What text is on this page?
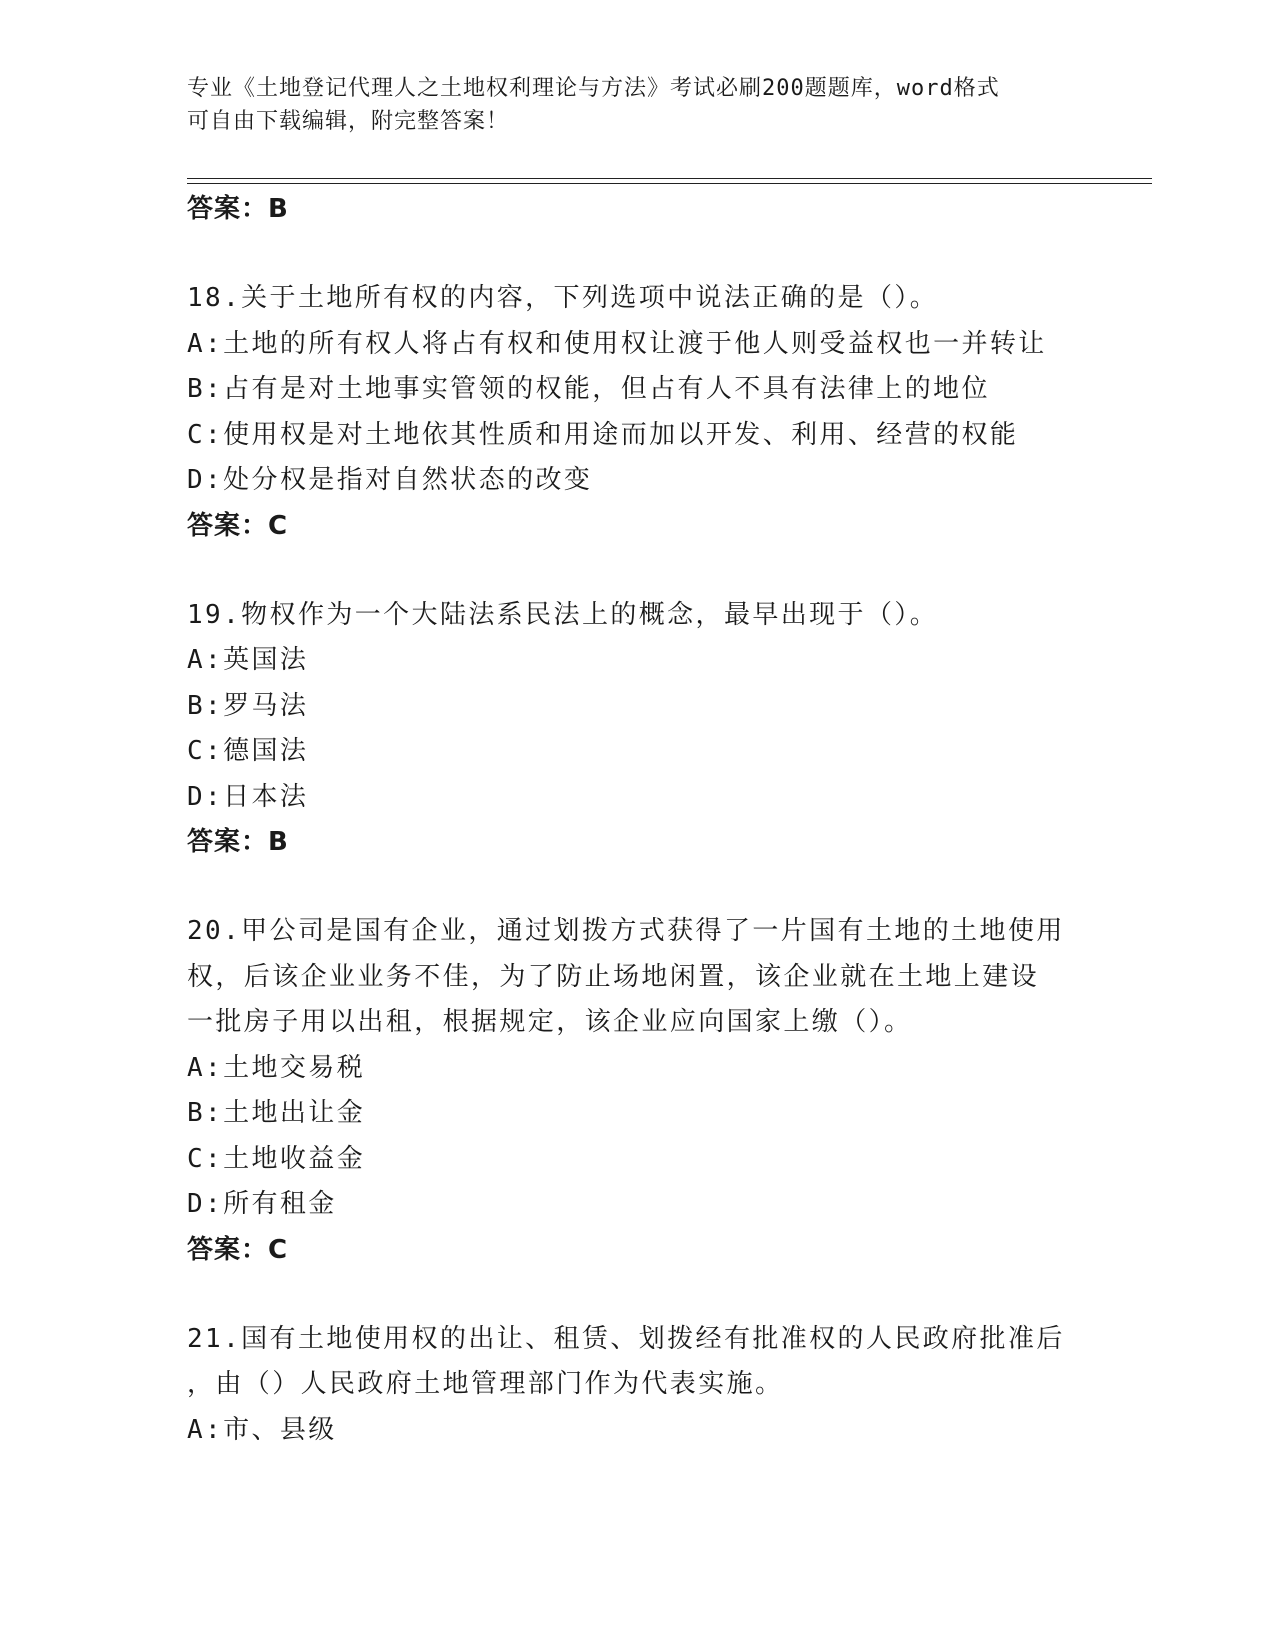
专业《土地登记代理人之土地权利理论与方法》考试必刷200题题库，word格式
可自由下载编辑，附完整答案！

答案：B

18.关于土地所有权的内容，下列选项中说法正确的是（）。
A:土地的所有权人将占有权和使用权让渡于他人则受益权也一并转让
B:占有是对土地事实管领的权能，但占有人不具有法律上的地位
C:使用权是对土地依其性质和用途而加以开发、利用、经营的权能
D:处分权是指对自然状态的改变

答案：C

19.物权作为一个大陆法系民法上的概念，最早出现于（）。
A:英国法
B:罗马法
C:德国法
D:日本法

答案：B

20.甲公司是国有企业，通过划拨方式获得了一片国有土地的土地使用
权，后该企业业务不佳，为了防止场地闲置，该企业就在土地上建设
一批房子用以出租，根据规定，该企业应向国家上缴（）。
A:土地交易税
B:土地出让金
C:土地收益金
D:所有租金

答案：C

21.国有土地使用权的出让、租赁、划拨经有批准权的人民政府批准后
，由（）人民政府土地管理部门作为代表实施。
A:市、县级
